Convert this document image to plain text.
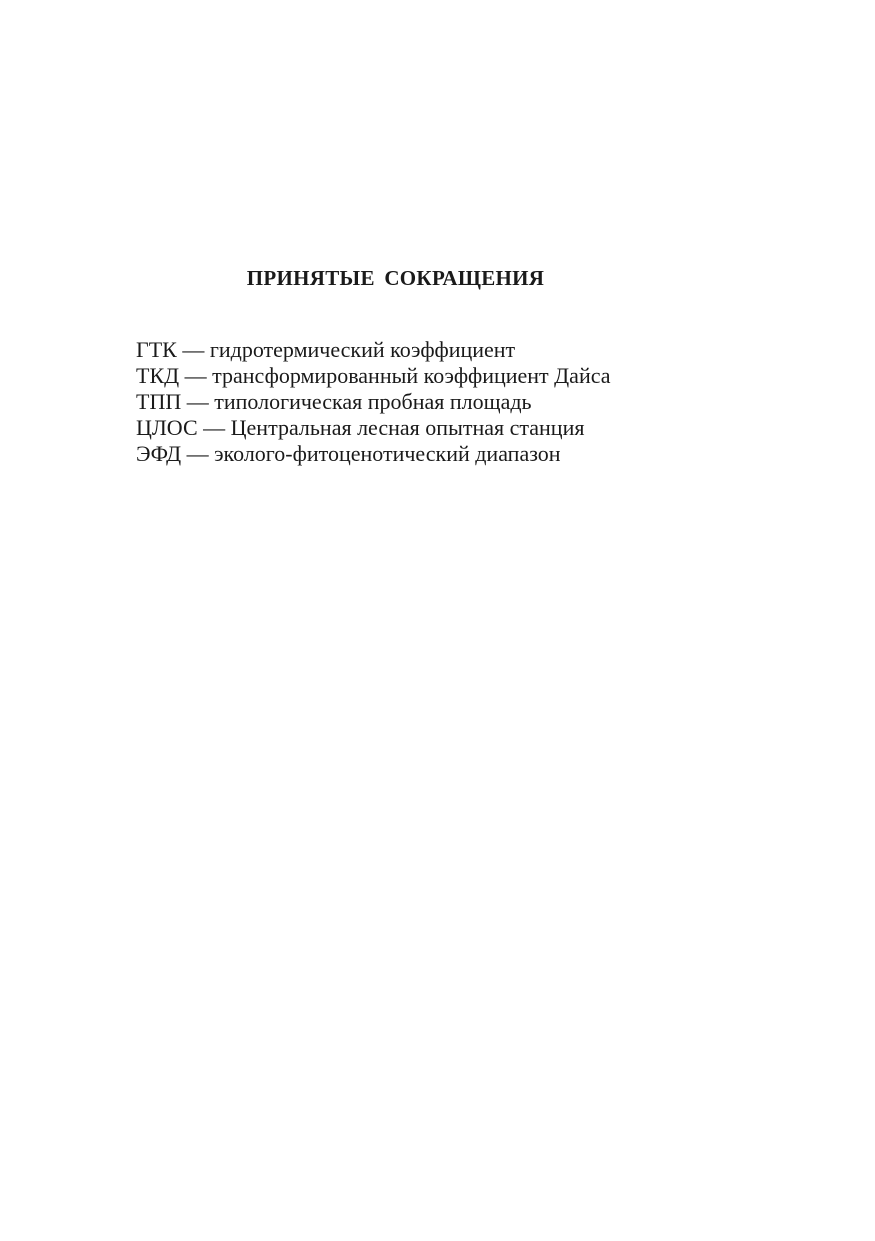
ПРИНЯТЫЕ СОКРАЩЕНИЯ
ГТК — гидротермический коэффициент
ТКД — трансформированный коэффициент Дайса
ТПП — типологическая пробная площадь
ЦЛОС — Центральная лесная опытная станция
ЭФД — эколого-фитоценотический диапазон
